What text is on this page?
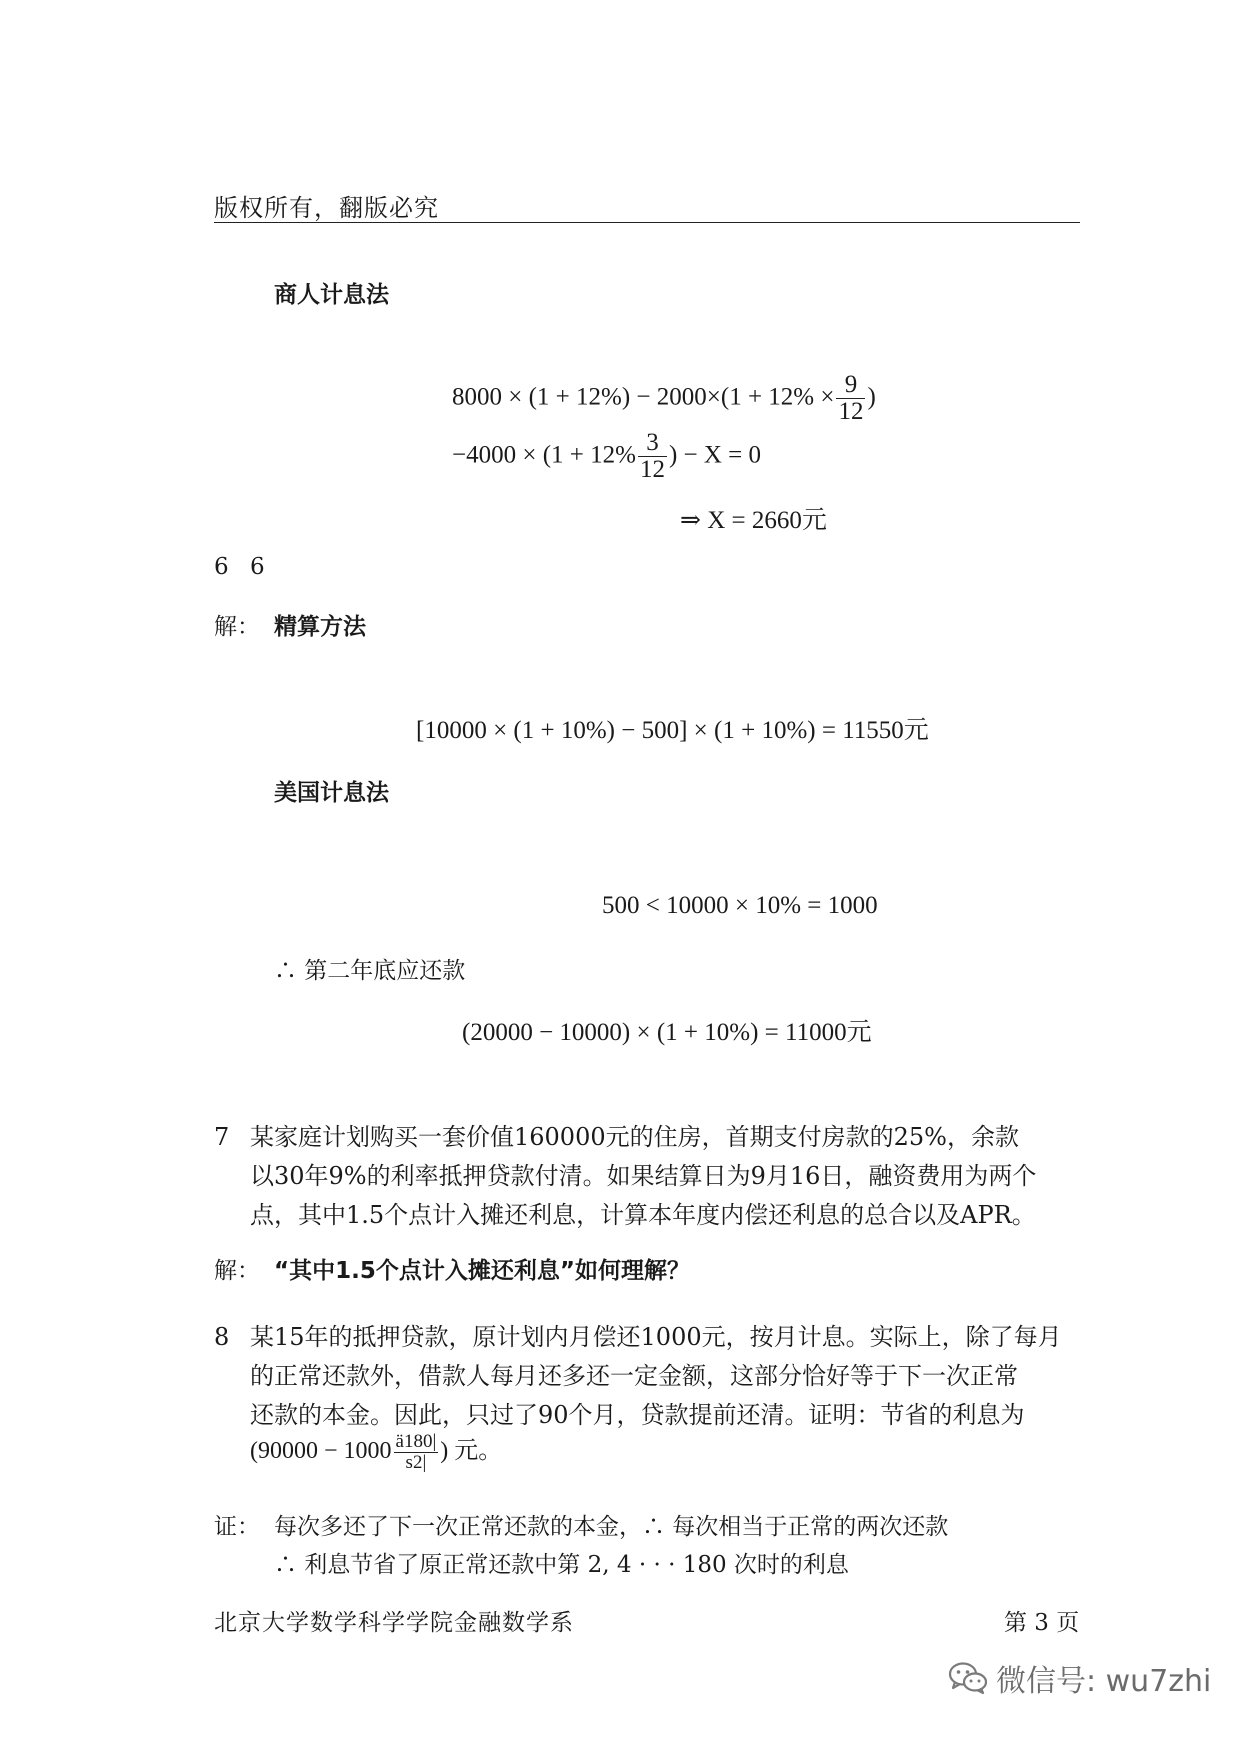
版权所有，翻版必究
商人计息法
$8000 \times (1 + 12\%) - 2000\times(1 + 12\% \times \frac{9}{12}$ )
$-4000 \times (1 + 12\% \frac{3}{12}$ ) − X = 0
⇒ X = 2660元
6 6
解： 精算方法
[10000 × (1 + 10%) − 500] × (1 + 10%) = 11550元
美国计息法
500 < 10000 × 10% = 1000
∴ 第二年底应还款
(20000 − 10000) × (1 + 10%) = 11000元
7 某家庭计划购买一套价值160000元的住房，首期支付房款的25%，余款
以30年9%的利率抵押贷款付清。如果结算日为9月16日，融资费用为两个
点，其中1.5个点计入摊还利息，计算本年度内偿还利息的总合以及APR。
解： “其中1.5个点计入摊还利息”如何理解？
8 某15年的抵押贷款，原计划内月偿还1000元，按月计息。实际上，除了每月
的正常还款外，借款人每月还多还一定金额，这部分恰好等于下一次正常
还款的本金。因此，只过了90个月，贷款提前还清。证明：节省的利息为
($90000 - 1000 \frac{ä180|}{s2|}$ ) 元。
证： 每次多还了下一次正常还款的本金，∴ 每次相当于正常的两次还款
∴ 利息节省了原正常还款中第 2, 4 · · · 180 次时的利息
北京大学数学科学学院金融数学系	第 3 页
微信号: wu7zhi
